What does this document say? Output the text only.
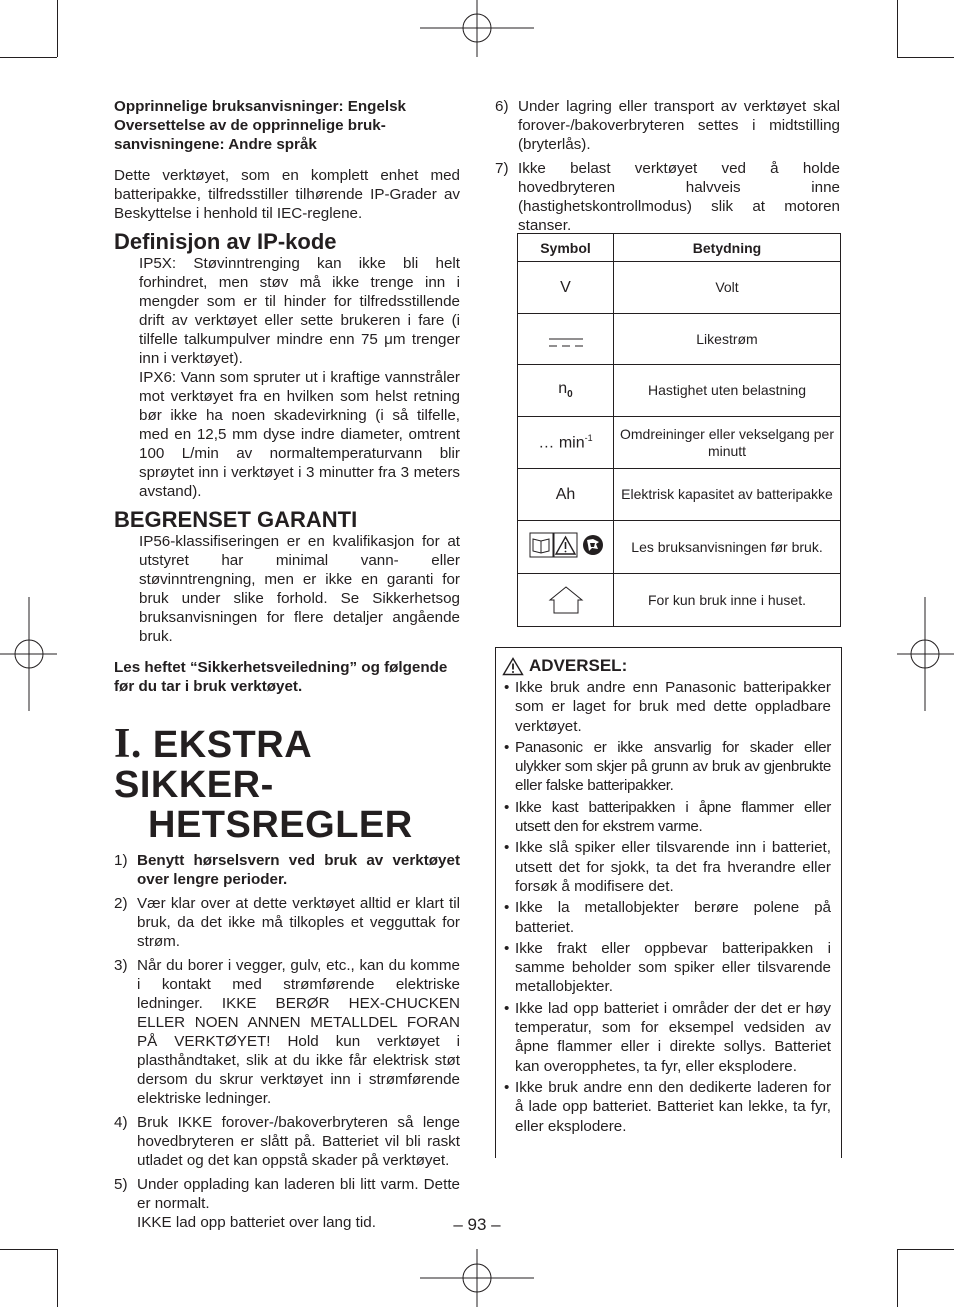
Opprinnelige bruksanvisninger: Engelsk

Oversettelse av de opprinnelige bruk-

sanvisningene: Andre språk

Dette verktøyet, som en komplett enhet med batteripakke, tilfredsstiller tilhørende IP-Grader av Beskyttelse i henhold til IEC-reglene.

Definisjon av IP-kode

IP5X: Støvinntrenging kan ikke bli helt forhindret, men støv må ikke trenge inn i mengder som er til hinder for tilfredsstillende drift av verktøyet eller sette brukeren i fare (i tilfelle talkumpulver mindre enn 75 μm trenger inn i verktøyet).

IPX6: Vann som spruter ut i kraftige vannstråler mot verktøyet fra en hvilken som helst retning bør ikke ha noen skadevirkning (i så tilfelle, med en 12,5 mm dyse indre diameter, omtrent 100 L/min av normaltemperaturvann blir sprøytet inn i verktøyet i 3 minutter fra 3 meters avstand).

BEGRENSET GARANTI

IP56-klassifiseringen er en kvalifikasjon for at utstyret har minimal vann- eller støvinntrengning, men er ikke en garanti for bruk under slike forhold. Se Sikkerhetsog bruksanvisningen for flere detaljer angående bruk.

Les heftet “Sikkerhetsveiledning” og følgende før du tar i bruk verktøyet.

I. EKSTRA SIKKER-
HETSREGLER
1) Benytt hørselsvern ved bruk av verktøyet over lengre perioder.
2) Vær klar over at dette verktøyet alltid er klart til bruk, da det ikke må tilkoples et vegguttak for strøm.
3) Når du borer i vegger, gulv, etc., kan du komme i kontakt med strømførende elektriske ledninger. IKKE BERØR HEX-CHUCKEN ELLER NOEN ANNEN METALLDEL FORAN PÅ VERKTØYET! Hold kun verktøyet i plasthåndtaket, slik at du ikke får elektrisk støt dersom du skrur verktøyet inn i strømførende elektriske ledninger.
4) Bruk IKKE forover-/bakoverbryteren så lenge hovedbryteren er slått på. Batteriet vil bli raskt utladet og det kan oppstå skader på verktøyet.
5) Under opplading kan laderen bli litt varm. Dette er normalt.
IKKE lad opp batteriet over lang tid.
6) Under lagring eller transport av verktøyet skal forover-/bakoverbryteren settes i midtstilling (bryterlås).
7) Ikke belast verktøyet ved å holde hovedbryteren halvveis inne (hastighetskontrollmodus) slik at motoren stanser.
Symbol	Betydning
V	Volt
	Likestrøm
$n_0$	Hastighet uten belastning
… $\min^{-1}$	Omdreininger eller vekselgang per minutt
Ah	Elektrisk kapasitet av batteripakke
	Les bruksanvisningen før bruk.
	For kun bruk inne i huset.
ADVERSEL:
• Ikke bruk andre enn Panasonic batteripakker som er laget for bruk med dette oppladbare verktøyet.
• Panasonic er ikke ansvarlig for skader eller ulykker som skjer på grunn av bruk av gjenbrukte eller falske batteripakker.
• Ikke kast batteripakken i åpne flammer eller utsett den for ekstrem varme.
• Ikke slå spiker eller tilsvarende inn i batteriet, utsett det for sjokk, ta det fra hverandre eller forsøk å modifisere det.
• Ikke la metallobjekter berøre polene på batteriet.
• Ikke frakt eller oppbevar batteripakken i samme beholder som spiker eller tilsvarende metallobjekter.
• Ikke lad opp batteriet i områder der det er høy temperatur, som for eksempel vedsiden av åpne flammer eller i direkte sollys. Batteriet kan overopphetes, ta fyr, eller eksplodere.
• Ikke bruk andre enn den dedikerte laderen for å lade opp batteriet. Batteriet kan lekke, ta fyr, eller eksplodere.
– 93 –
